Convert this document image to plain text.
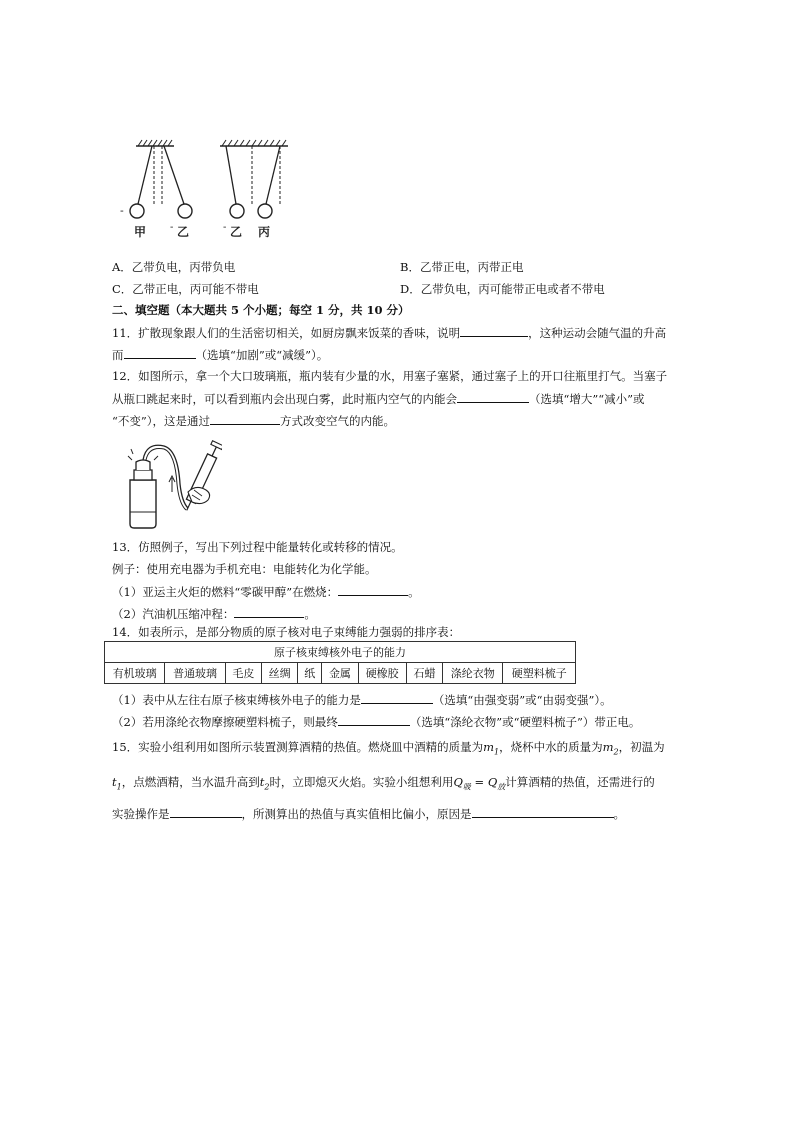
-
甲 - 乙	- 乙 丙
A．乙带负电，丙带负电	B．乙带正电，丙带正电
C．乙带正电，丙可能不带电	D．乙带负电，丙可能带正电或者不带电
二、填空题（本大题共 5 个小题；每空 1 分，共 10 分）
11．扩散现象跟人们的生活密切相关，如厨房飘来饭菜的香味，说明	，这种运动会随气温的升高
而	（选填“加剧”或“减缓”）。
12．如图所示，拿一个大口玻璃瓶，瓶内装有少量的水，用塞子塞紧，通过塞子上的开口往瓶里打气。当塞子
从瓶口跳起来时，可以看到瓶内会出现白雾，此时瓶内空气的内能会	（选填“增大”“减小”或
“不变”），这是通过	方式改变空气的内能。
13．仿照例子，写出下列过程中能量转化或转移的情况。
例子：使用充电器为手机充电：电能转化为化学能。
（1）亚运主火炬的燃料“零碳甲醇”在燃烧：	。
（2）汽油机压缩冲程：	。
14．如表所示，是部分物质的原子核对电子束缚能力强弱的排序表：
原子核束缚核外电子的能力
有机玻璃	普通玻璃	毛皮	丝绸	纸	金属	硬橡胶	石蜡	涤纶衣物	硬塑料梳子
（1）表中从左往右原子核束缚核外电子的能力是	（选填“由强变弱”或“由弱变强”）。
（2）若用涤纶衣物摩擦硬塑料梳子，则最终	（选填“涤纶衣物”或“硬塑料梳子”）带正电。
15．实验小组利用如图所示装置测算酒精的热值。燃烧皿中酒精的质量为$m_1$，烧杯中水的质量为$m_2$，初温为
$t_1$，点燃酒精，当水温升高到$t_2$时，立即熄灭火焰。实验小组想利用$Q_吸 = Q_放$计算酒精的热值，还需进行的
实验操作是	，所测算出的热值与真实值相比偏小，原因是	。
